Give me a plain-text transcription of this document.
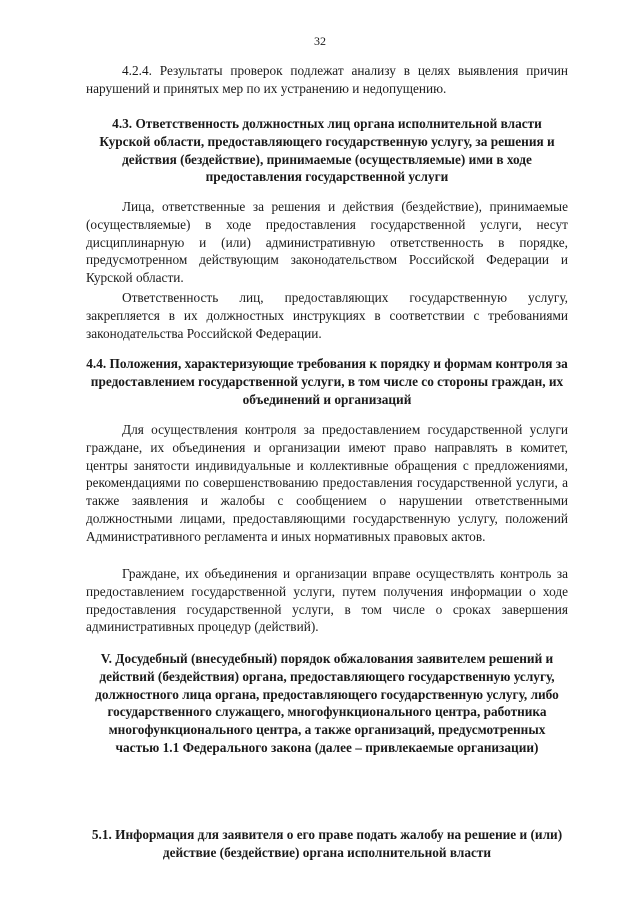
32

4.2.4. Результаты проверок подлежат анализу в целях выявления причин нарушений и принятых мер по их устранению и недопущению.

4.3. Ответственность должностных лиц органа исполнительной власти Курской области, предоставляющего государственную услугу, за решения и действия (бездействие), принимаемые (осуществляемые) ими в ходе предоставления государственной услуги

Лица, ответственные за решения и действия (бездействие), принимаемые (осуществляемые) в ходе предоставления государственной услуги, несут дисциплинарную и (или) административную ответственность в порядке, предусмотренном действующим законодательством Российской Федерации и Курской области.

Ответственность лиц, предоставляющих государственную услугу, закрепляется в их должностных инструкциях в соответствии с требованиями законодательства Российской Федерации.

4.4. Положения, характеризующие требования к порядку и формам контроля за предоставлением государственной услуги, в том числе со стороны граждан, их объединений и организаций

Для осуществления контроля за предоставлением государственной услуги граждане, их объединения и организации имеют право направлять в комитет, центры занятости индивидуальные и коллективные обращения с предложениями, рекомендациями по совершенствованию предоставления государственной услуги, а также заявления и жалобы с сообщением о нарушении ответственными должностными лицами, предоставляющими государственную услугу, положений Административного регламента и иных нормативных правовых актов.

Граждане, их объединения и организации вправе осуществлять контроль за предоставлением государственной услуги, путем получения информации о ходе предоставления государственной услуги, в том числе о сроках завершения административных процедур (действий).

V. Досудебный (внесудебный) порядок обжалования заявителем решений и действий (бездействия) органа, предоставляющего государственную услугу, должностного лица органа, предоставляющего государственную услугу, либо государственного служащего, многофункционального центра, работника многофункционального центра, а также организаций, предусмотренных частью 1.1 Федерального закона (далее – привлекаемые организации)

5.1. Информация для заявителя о его праве подать жалобу на решение и (или) действие (бездействие) органа исполнительной власти
